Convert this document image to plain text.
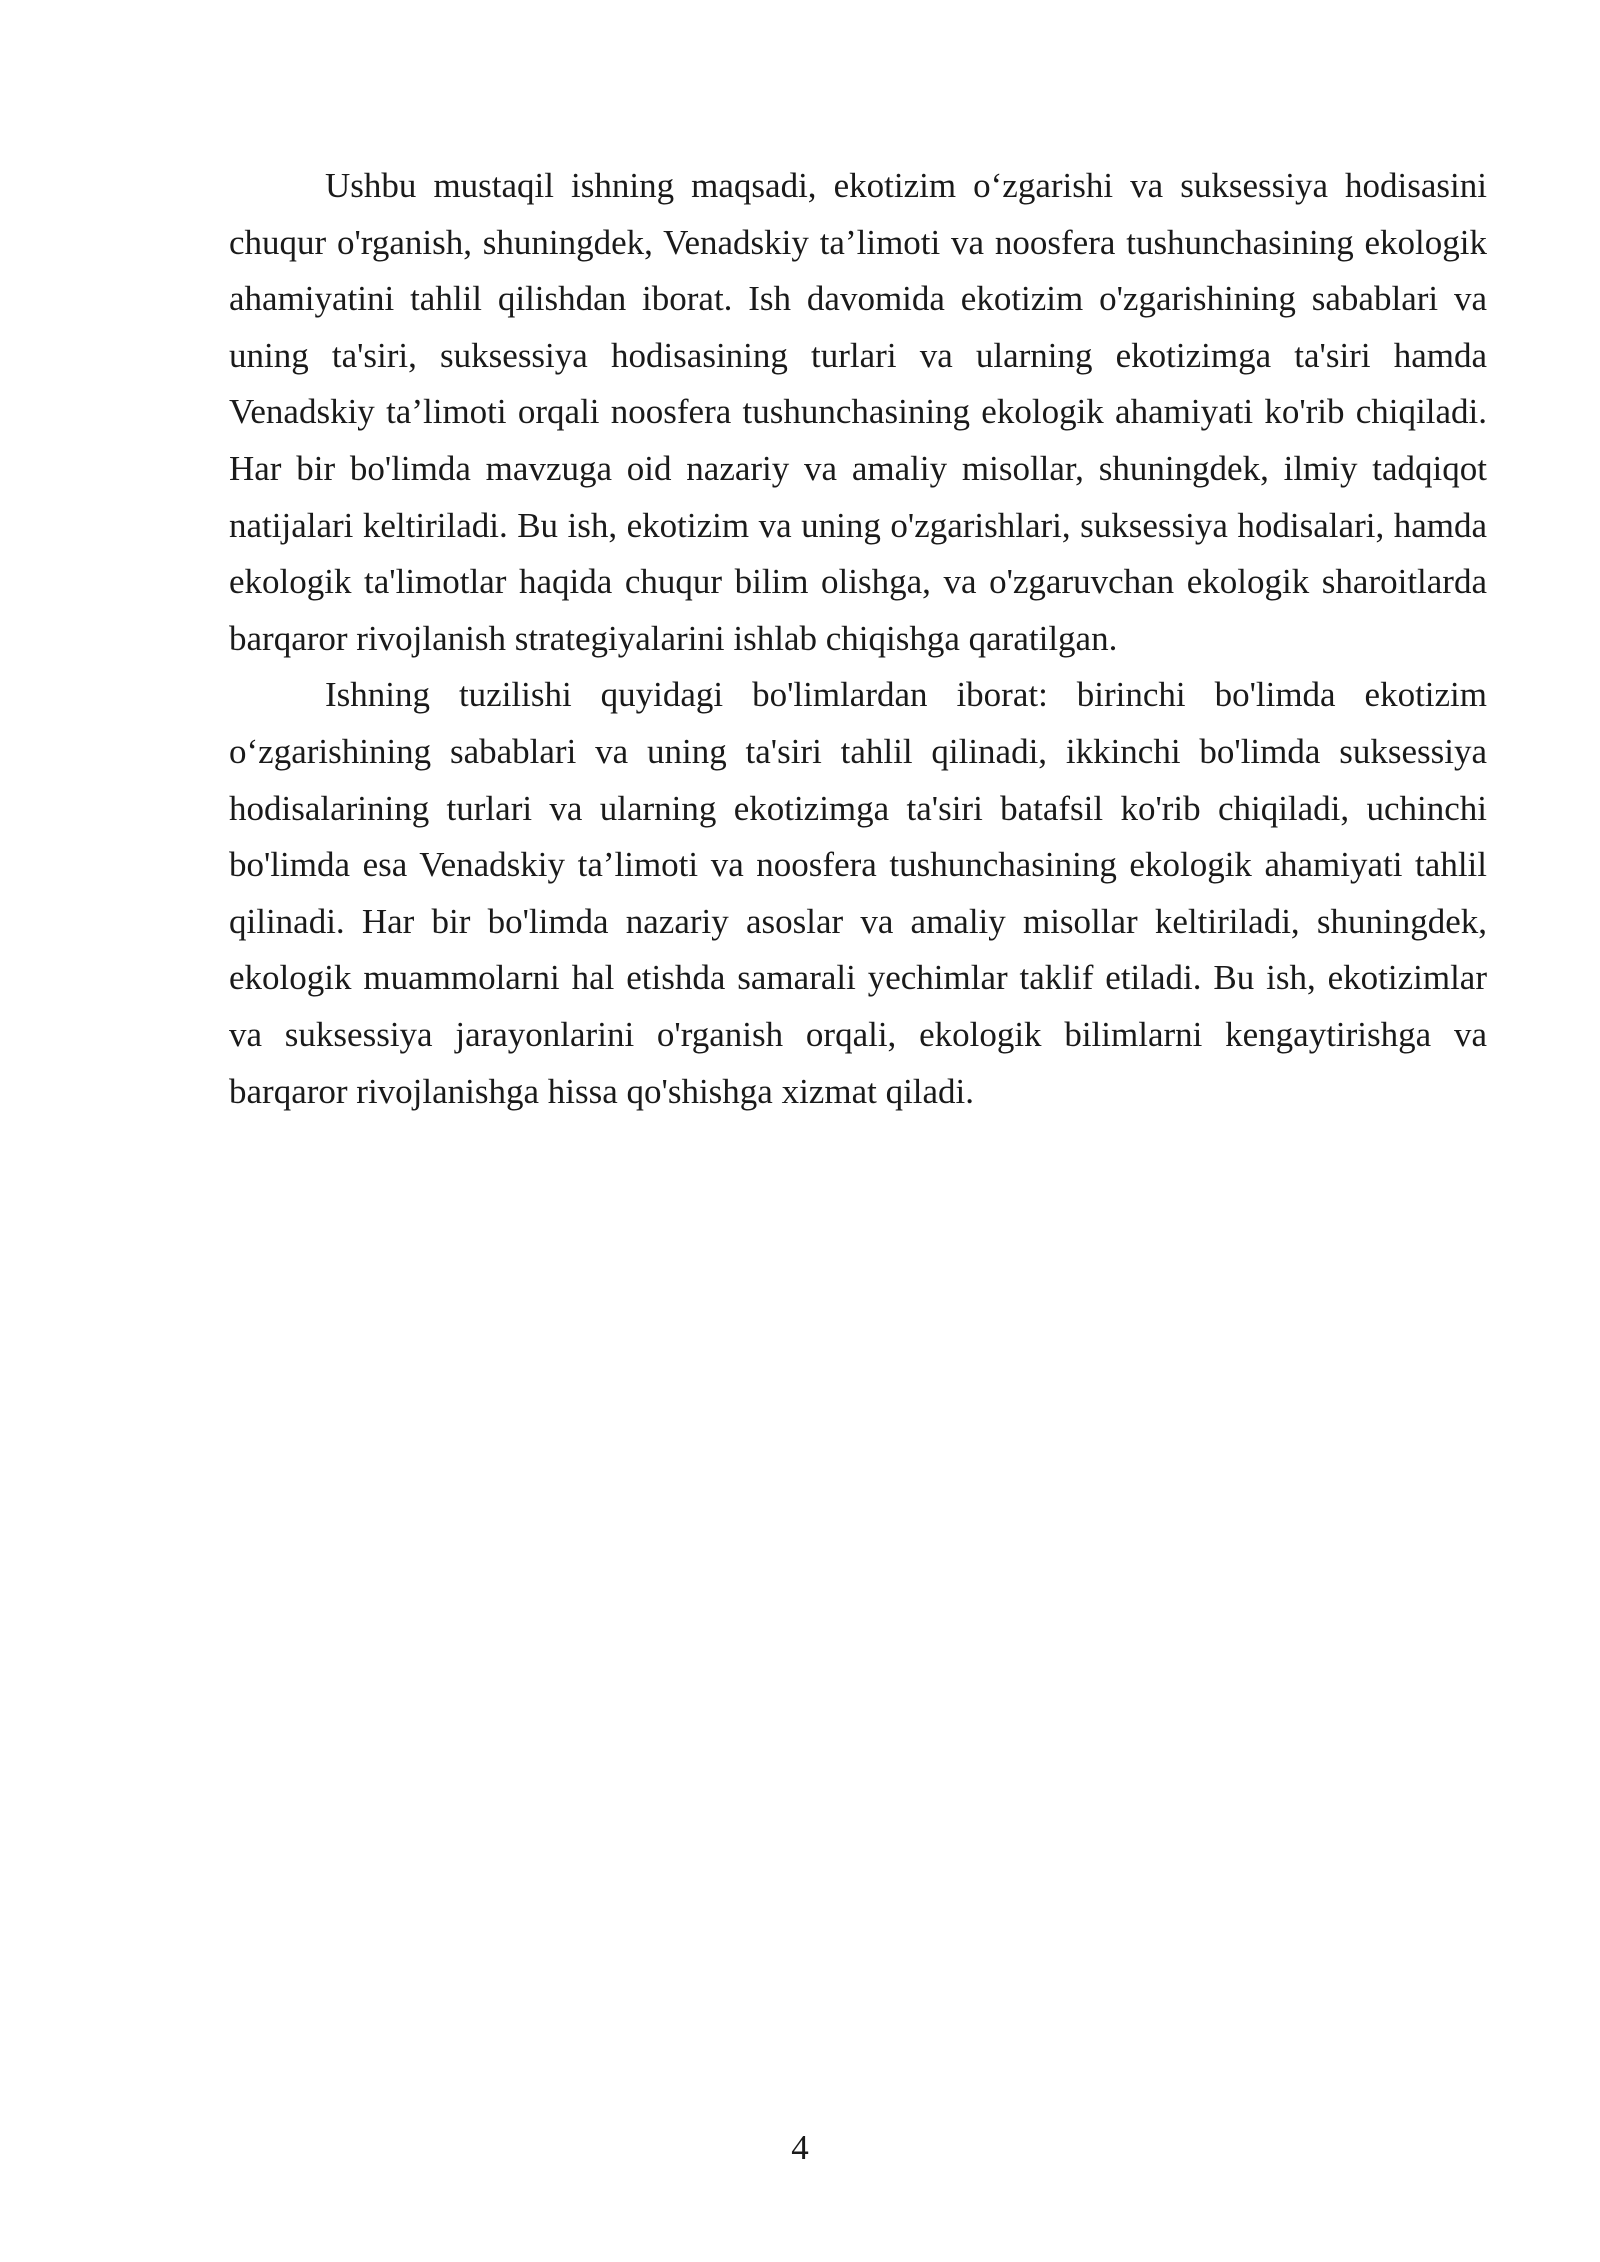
Ushbu mustaqil ishning maqsadi, ekotizim o‘zgarishi va suksessiya hodisasini chuqur o'rganish, shuningdek, Venadskiy ta’limoti va noosfera tushunchasining ekologik ahamiyatini tahlil qilishdan iborat. Ish davomida ekotizim o'zgarishining sabablari va uning ta'siri, suksessiya hodisasining turlari va ularning ekotizimga ta'siri hamda Venadskiy ta’limoti orqali noosfera tushunchasining ekologik ahamiyati ko'rib chiqiladi. Har bir bo'limda mavzuga oid nazariy va amaliy misollar, shuningdek, ilmiy tadqiqot natijalari keltiriladi. Bu ish, ekotizim va uning o'zgarishlari, suksessiya hodisalari, hamda ekologik ta'limotlar haqida chuqur bilim olishga, va o'zgaruvchan ekologik sharoitlarda barqaror rivojlanish strategiyalarini ishlab chiqishga qaratilgan.

Ishning tuzilishi quyidagi bo'limlardan iborat: birinchi bo'limda ekotizim o‘zgarishining sabablari va uning ta'siri tahlil qilinadi, ikkinchi bo'limda suksessiya hodisalarining turlari va ularning ekotizimga ta'siri batafsil ko'rib chiqiladi, uchinchi bo'limda esa Venadskiy ta’limoti va noosfera tushunchasining ekologik ahamiyati tahlil qilinadi. Har bir bo'limda nazariy asoslar va amaliy misollar keltiriladi, shuningdek, ekologik muammolarni hal etishda samarali yechimlar taklif etiladi. Bu ish, ekotizimlar va suksessiya jarayonlarini o'rganish orqali, ekologik bilimlarni kengaytirishga va barqaror rivojlanishga hissa qo'shishga xizmat qiladi.

4
